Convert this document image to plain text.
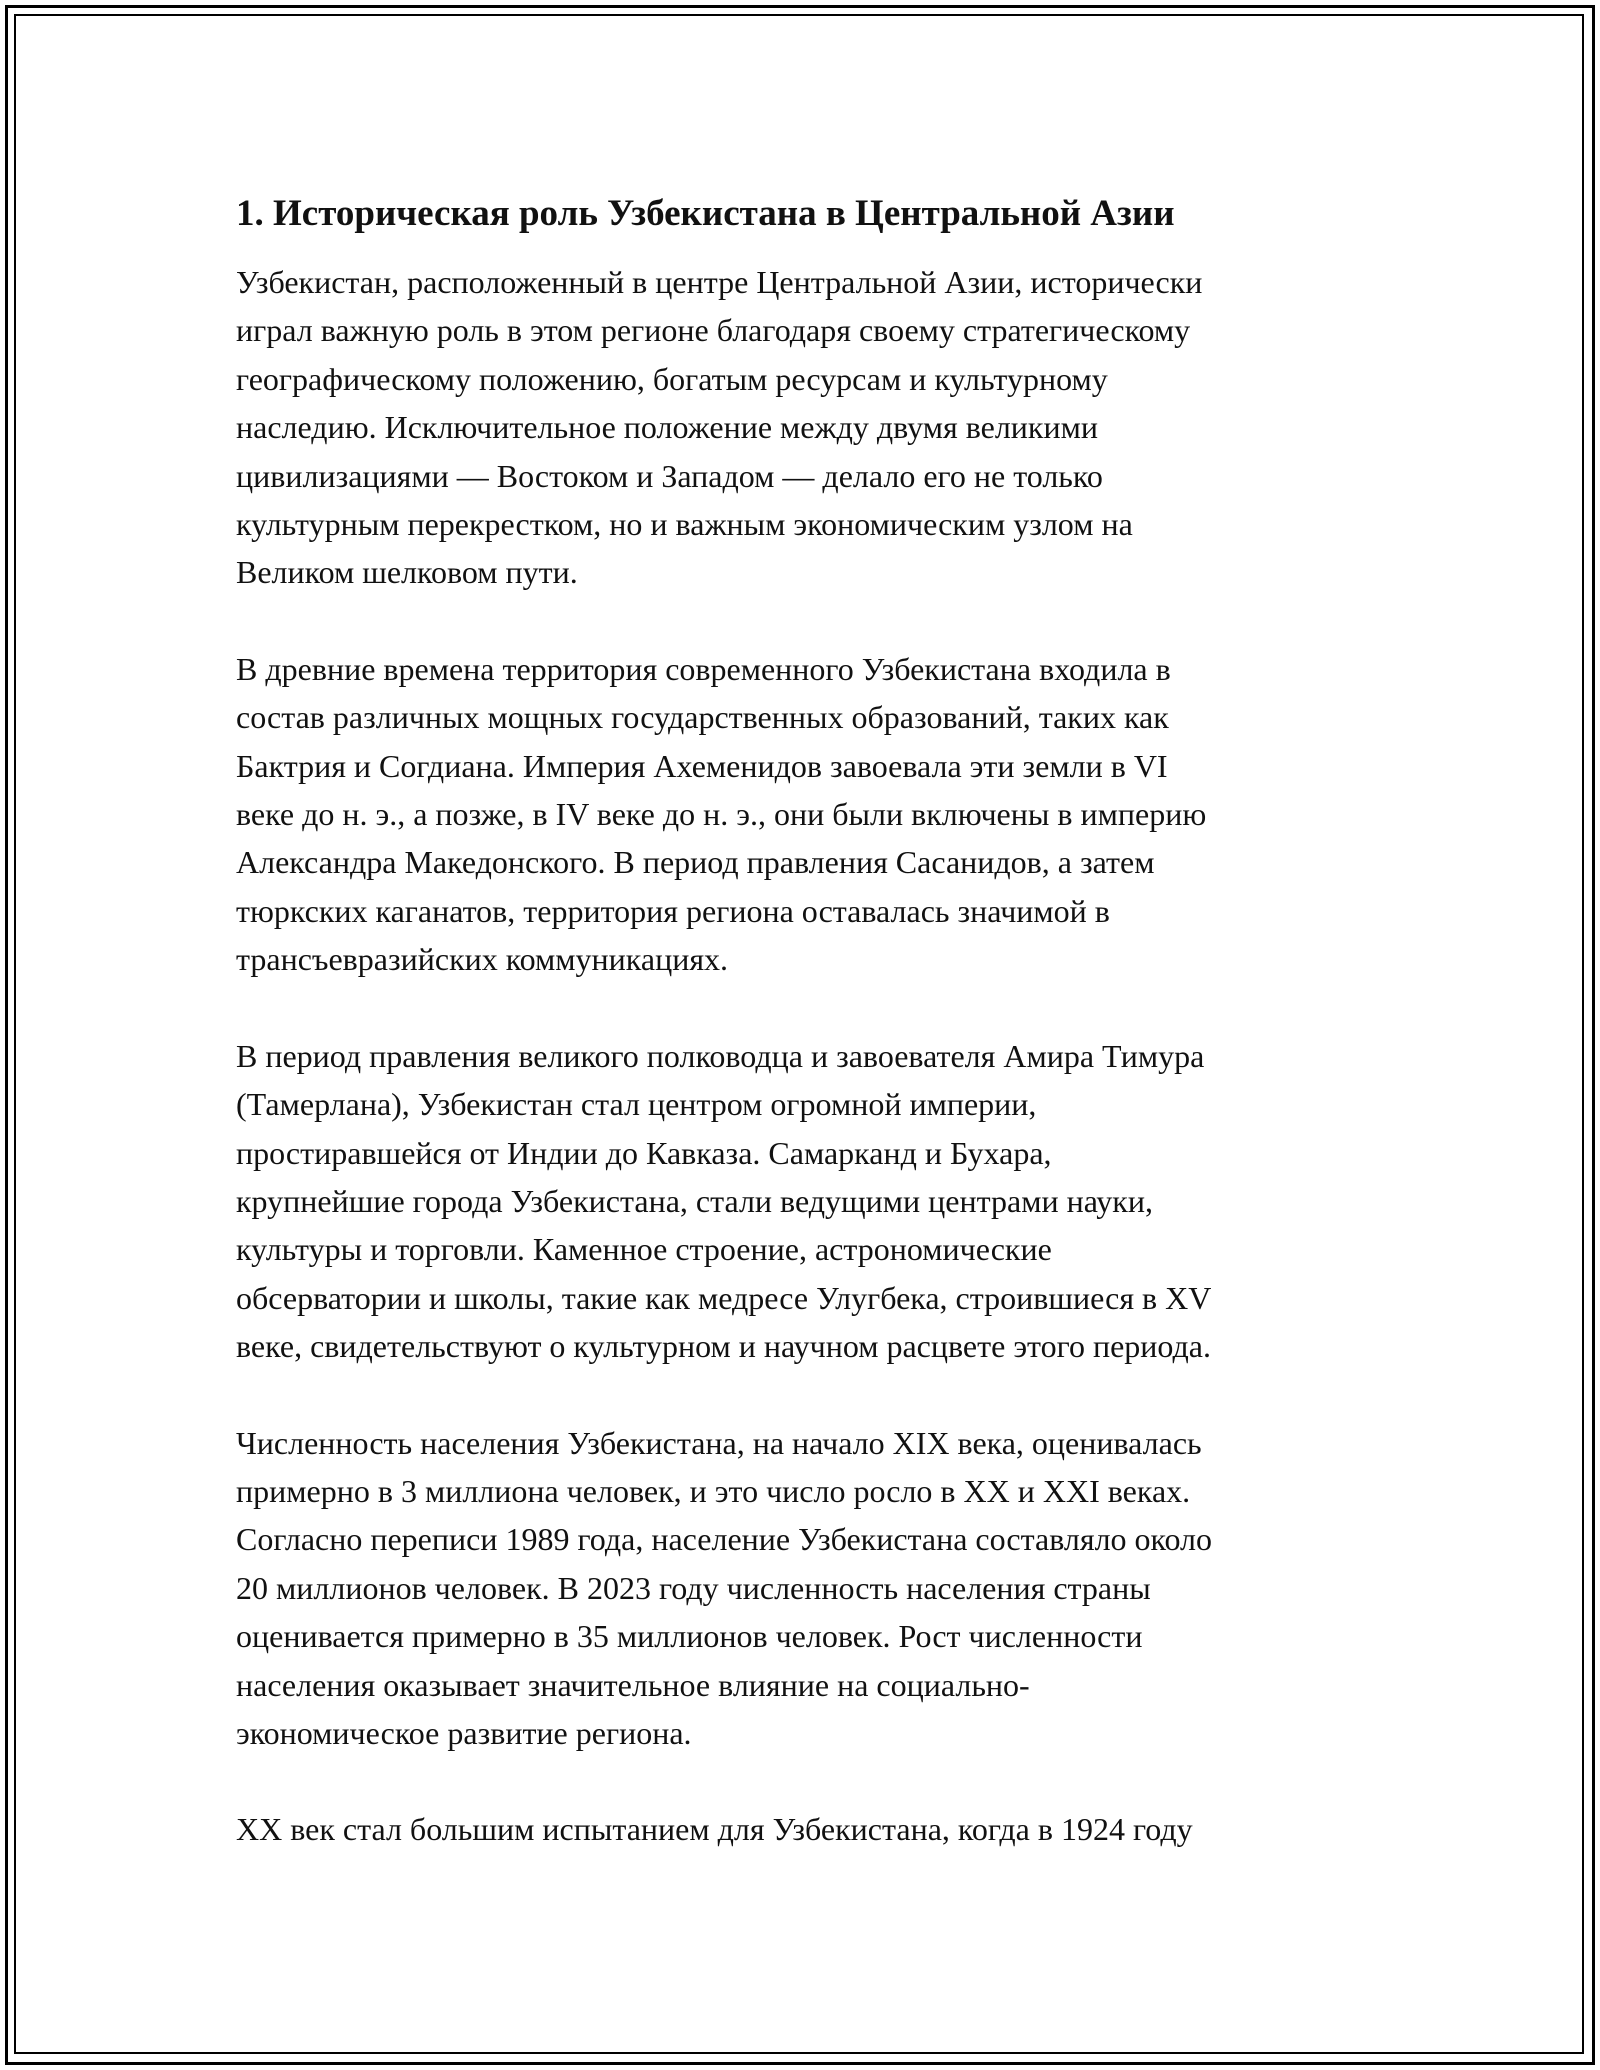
1. Историческая роль Узбекистана в Центральной Азии
Узбекистан, расположенный в центре Центральной Азии, исторически
играл важную роль в этом регионе благодаря своему стратегическому
географическому положению, богатым ресурсам и культурному
наследию. Исключительное положение между двумя великими
цивилизациями — Востоком и Западом — делало его не только
культурным перекрестком, но и важным экономическим узлом на
Великом шелковом пути.
В древние времена территория современного Узбекистана входила в
состав различных мощных государственных образований, таких как
Бактрия и Согдиана. Империя Ахеменидов завоевала эти земли в VI
веке до н. э., а позже, в IV веке до н. э., они были включены в империю
Александра Македонского. В период правления Сасанидов, а затем
тюркских каганатов, территория региона оставалась значимой в
трансъевразийских коммуникациях.
В период правления великого полководца и завоевателя Амира Тимура
(Тамерлана), Узбекистан стал центром огромной империи,
простиравшейся от Индии до Кавказа. Самарканд и Бухара,
крупнейшие города Узбекистана, стали ведущими центрами науки,
культуры и торговли. Каменное строение, астрономические
обсерватории и школы, такие как медресе Улугбека, строившиеся в XV
веке, свидетельствуют о культурном и научном расцвете этого периода.
Численность населения Узбекистана, на начало XIX века, оценивалась
примерно в 3 миллиона человек, и это число росло в XX и XXI веках.
Согласно переписи 1989 года, население Узбекистана составляло около
20 миллионов человек. В 2023 году численность населения страны
оценивается примерно в 35 миллионов человек. Рост численности
населения оказывает значительное влияние на социально-
экономическое развитие региона.
XX век стал большим испытанием для Узбекистана, когда в 1924 году
